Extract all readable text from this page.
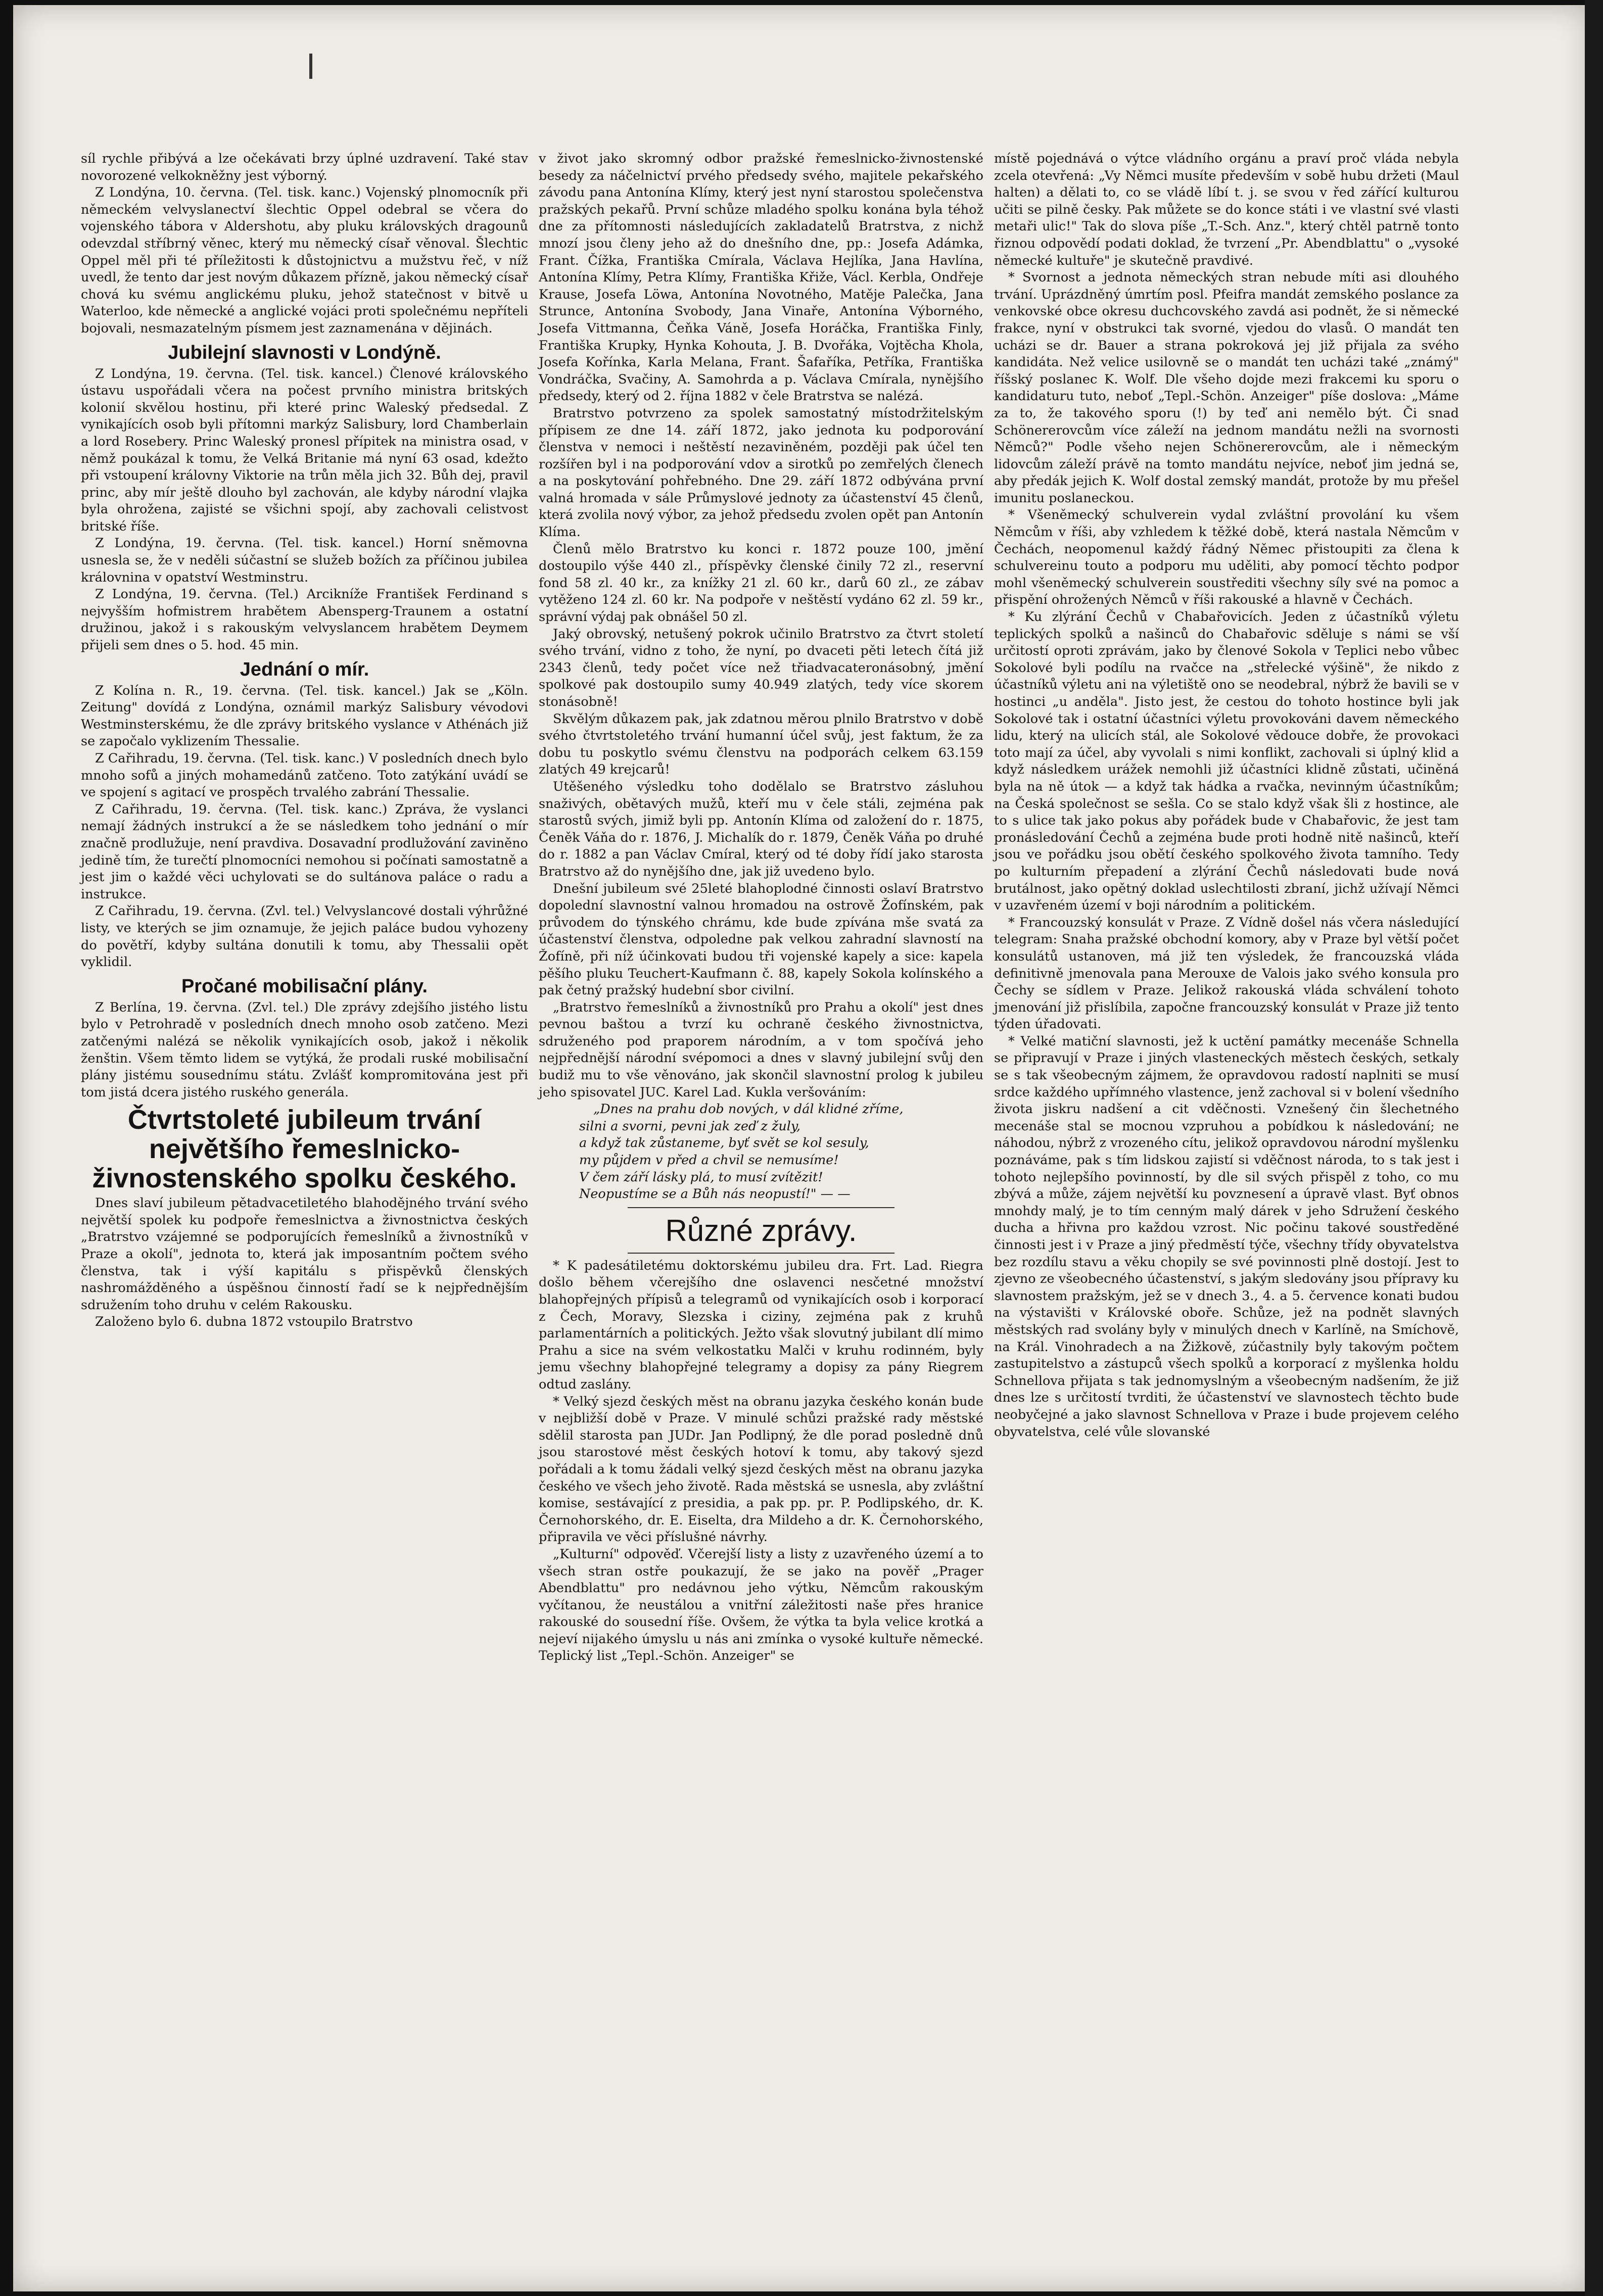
síl rychle přibývá a lze očekávati brzy úplné uzdravení. Také stav novorozené velkokněžny jest výborný.

Z Londýna, 10. června. (Tel. tisk. kanc.) Vojenský plnomocník při německém velvyslanectví šlechtic Oppel odebral se včera do vojenského tábora v Aldershotu, aby pluku královských dragounů odevzdal stříbrný věnec, který mu německý císař věnoval. Šlechtic Oppel měl při té příležitosti k důstojnictvu a mužstvu řeč, v níž uvedl, že tento dar jest novým důkazem přízně, jakou německý císař chová ku svému anglickému pluku, jehož statečnost v bitvě u Waterloo, kde německé a anglické vojáci proti společnému nepříteli bojovali, nesmazatelným písmem jest zaznamenána v dějinách.

Jubilejní slavnosti v Londýně.

Z Londýna, 19. června. (Tel. tisk. kancel.) Členové královského ústavu uspořádali včera na počest prvního ministra britských kolonií skvělou hostinu, při které princ Waleský předsedal. Z vynikajících osob byli přítomni markýz Salisbury, lord Chamberlain a lord Rosebery. Princ Waleský pronesl přípitek na ministra osad, v němž poukázal k tomu, že Velká Britanie má nyní 63 osad, kdežto při vstoupení královny Viktorie na trůn měla jich 32. Bůh dej, pravil princ, aby mír ještě dlouho byl zachován, ale kdyby národní vlajka byla ohrožena, zajisté se všichni spojí, aby zachovali celistvost britské říše.

Z Londýna, 19. června. (Tel. tisk. kancel.) Horní sněmovna usnesla se, že v neděli súčastní se služeb božích za příčinou jubilea královnina v opatství Westminstru.

Z Londýna, 19. června. (Tel.) Arcikníže František Ferdinand s nejvyšším hofmistrem hrabětem Abensperg-Traunem a ostatní družinou, jakož i s rakouským velvyslancem hrabětem Deymem přijeli sem dnes o 5. hod. 45 min.

Jednání o mír.

Z Kolína n. R., 19. června. (Tel. tisk. kancel.) Jak se „Köln. Zeitung" dovídá z Londýna, oznámil markýz Salisbury vévodovi Westminsterskému, že dle zprávy britského vyslance v Athénách již se započalo vyklizením Thessalie.

Z Cařihradu, 19. června. (Tel. tisk. kanc.) V posledních dnech bylo mnoho sofů a jiných mohamedánů zatčeno. Toto zatýkání uvádí se ve spojení s agitací ve prospěch trvalého zabrání Thessalie.

Z Cařihradu, 19. června. (Tel. tisk. kanc.) Zpráva, že vyslanci nemají žádných instrukcí a že se následkem toho jednání o mír značně prodlužuje, není pravdiva. Dosavadní prodlužování zaviněno jedině tím, že turečtí plnomocníci nemohou si počínati samostatně a jest jim o každé věci uchylovati se do sultánova paláce o radu a instrukce.

Z Cařihradu, 19. června. (Zvl. tel.) Velvyslancové dostali výhrůžné listy, ve kterých se jim oznamuje, že jejich paláce budou vyhozeny do povětří, kdyby sultána donutili k tomu, aby Thessalii opět vyklidil.

Pročané mobilisační plány.

Z Berlína, 19. června. (Zvl. tel.) Dle zprávy zdejšího jistého listu bylo v Petrohradě v posledních dnech mnoho osob zatčeno. Mezi zatčenými nalézá se několik vynikajících osob, jakož i několik ženštin. Všem těmto lidem se vytýká, že prodali ruské mobilisační plány jistému sousednímu státu. Zvlášť kompromitována jest při tom jistá dcera jistého ruského generála.

Čtvrtstoleté jubileum trvání největšího řemeslnicko-živnostenského spolku českého.

Dnes slaví jubileum pětadvacetiletého blahodějného trvání svého největší spolek ku podpoře řemeslnictva a živnostnictva českých „Bratrstvo vzájemné se podporujících řemeslníků a živnostníků v Praze a okolí", jednota to, která jak imposantním počtem svého členstva, tak i výší kapitálu s přispěvků členských nashromážděného a úspěšnou činností řadí se k nejpřednějším sdružením toho druhu v celém Rakousku.

Založeno bylo 6. dubna 1872 vstoupilo Bratrstvo

v život jako skromný odbor pražské řemeslnicko-živnostenské besedy za náčelnictví prvého předsedy svého, majitele pekařského závodu pana Antonína Klímy, který jest nyní starostou společenstva pražských pekařů. První schůze mladého spolku konána byla téhož dne za přítomnosti následujících zakladatelů Bratrstva, z nichž mnozí jsou členy jeho až do dnešního dne, pp.: Josefa Adámka, Frant. Čížka, Františka Cmírala, Václava Hejlíka, Jana Havlína, Antonína Klímy, Petra Klímy, Františka Křiže, Václ. Kerbla, Ondřeje Krause, Josefa Löwa, Antonína Novotného, Matěje Palečka, Jana Strunce, Antonína Svobody, Jana Vinaře, Antonína Výborného, Josefa Vittmanna, Čeňka Váně, Josefa Horáčka, Františka Finly, Františka Krupky, Hynka Kohouta, J. B. Dvořáka, Vojtěcha Khola, Josefa Kořínka, Karla Melana, Frant. Šafaříka, Petříka, Františka Vondráčka, Svačiny, A. Samohrda a p. Václava Cmírala, nynějšího předsedy, který od 2. října 1882 v čele Bratrstva se nalézá.

Bratrstvo potvrzeno za spolek samostatný místodržitelským přípisem ze dne 14. září 1872, jako jednota ku podporování členstva v nemoci i neštěstí nezaviněném, později pak účel ten rozšířen byl i na podporování vdov a sirotků po zemřelých členech a na poskytování pohřebného. Dne 29. září 1872 odbývána první valná hromada v sále Průmyslové jednoty za účastenství 45 členů, která zvolila nový výbor, za jehož předsedu zvolen opět pan Antonín Klíma.

Členů mělo Bratrstvo ku konci r. 1872 pouze 100, jmění dostoupilo výše 440 zl., příspěvky členské činily 72 zl., reservní fond 58 zl. 40 kr., za knížky 21 zl. 60 kr., darů 60 zl., ze zábav vytěženo 124 zl. 60 kr. Na podpoře v neštěstí vydáno 62 zl. 59 kr., správní výdaj pak obnášel 50 zl.

Jaký obrovský, netušený pokrok učinilo Bratrstvo za čtvrt století svého trvání, vidno z toho, že nyní, po dvaceti pěti letech čítá již 2343 členů, tedy počet více než třiadvacateronásobný, jmění spolkové pak dostoupilo sumy 40.949 zlatých, tedy více skorem stonásobně!

Skvělým důkazem pak, jak zdatnou měrou plnilo Bratrstvo v době svého čtvrtstoletého trvání humanní účel svůj, jest faktum, že za dobu tu poskytlo svému členstvu na podporách celkem 63.159 zlatých 49 krejcarů!

Utěšeného výsledku toho dodělalo se Bratrstvo zásluhou snaživých, obětavých mužů, kteří mu v čele stáli, zejména pak starostů svých, jimiž byli pp. Antonín Klíma od založení do r. 1875, Čeněk Váňa do r. 1876, J. Michalík do r. 1879, Čeněk Váňa po druhé do r. 1882 a pan Václav Cmíral, který od té doby řídí jako starosta Bratrstvo až do nynějšího dne, jak již uvedeno bylo.

Dnešní jubileum své 25leté blahoplodné činnosti oslaví Bratrstvo dopolední slavnostní valnou hromadou na ostrově Žofínském, pak průvodem do týnského chrámu, kde bude zpívána mše svatá za účastenství členstva, odpoledne pak velkou zahradní slavností na Žofíně, při níž účinkovati budou tři vojenské kapely a sice: kapela pěšího pluku Teuchert-Kaufmann č. 88, kapely Sokola kolínského a pak četný pražský hudební sbor civilní.

„Bratrstvo řemeslníků a živnostníků pro Prahu a okolí" jest dnes pevnou baštou a tvrzí ku ochraně českého živnostnictva, sdruženého pod praporem národním, a v tom spočívá jeho nejpřednější národní svépomoci a dnes v slavný jubilejní svůj den budiž mu to vše věnováno, jak skončil slavnostní prolog k jubileu jeho spisovatel JUC. Karel Lad. Kukla veršováním:

„Dnes na prahu dob nových, v dál klidné zříme,
silni a svorni, pevni jak zeď z žuly,
a když tak zůstaneme, byť svět se kol sesuly,
my půjdem v před a chvil se nemusíme!
V čem září lásky plá, to musí zvítězit!
Neopustíme se a Bůh nás neopustí!" — —

Různé zprávy.

* K padesátiletému doktorskému jubileu dra. Frt. Lad. Riegra došlo během včerejšího dne oslavenci nesčetné množství blahopřejných přípisů a telegramů od vynikajících osob i korporací z Čech, Moravy, Slezska i ciziny, zejména pak z kruhů parlamentárních a politických. Ježto však slovutný jubilant dlí mimo Prahu a sice na svém velkostatku Malči v kruhu rodinném, byly jemu všechny blahopřejné telegramy a dopisy za pány Riegrem odtud zaslány.

* Velký sjezd českých měst na obranu jazyka českého konán bude v nejbližší době v Praze. V minulé schůzi pražské rady městské sdělil starosta pan JUDr. Jan Podlipný, že dle porad posledně dnů jsou starostové měst českých hotoví k tomu, aby takový sjezd pořádali a k tomu žádali velký sjezd českých měst na obranu jazyka českého ve všech jeho životě. Rada městská se usnesla, aby zvláštní komise, sestávající z presidia, a pak pp. pr. P. Podlipského, dr. K. Černohorského, dr. E. Eiselta, dra Mildeho a dr. K. Černohorského, připravila ve věci příslušné návrhy.

„Kulturní" odpověď. Včerejší listy a listy z uzavřeného území a to všech stran ostře poukazují, že se jako na pověř „Prager Abendblattu" pro nedávnou jeho výtku, Němcům rakouským vyčítanou, že neustálou a vnitřní záležitosti naše přes hranice rakouské do sousední říše. Ovšem, že výtka ta byla velice krotká a nejeví nijakého úmyslu u nás ani zmínka o vysoké kultuře německé. Teplický list „Tepl.-Schön. Anzeiger" se

místě pojednává o výtce vládního orgánu a praví proč vláda nebyla zcela otevřená: „Vy Němci musíte především v sobě hubu držeti (Maul halten) a dělati to, co se vládě líbí t. j. se svou v řed zářící kulturou učiti se pilně česky. Pak můžete se do konce státi i ve vlastní své vlasti metaři ulic!" Tak do slova píše „T.-Sch. Anz.", který chtěl patrně tonto řiznou odpovědí podati doklad, že tvrzení „Pr. Abendblattu" o „vysoké německé kultuře" je skutečně pravdivé.

* Svornost a jednota německých stran nebude míti asi dlouhého trvání. Uprázdněný úmrtím posl. Pfeifra mandát zemského poslance za venkovské obce okresu duchcovského zavdá asi podnět, že si německé frakce, nyní v obstrukci tak svorné, vjedou do vlasů. O mandát ten ucházi se dr. Bauer a strana pokroková jej již přijala za svého kandidáta. Než velice usilovně se o mandát ten ucházi také „známý" říšský poslanec K. Wolf. Dle všeho dojde mezi frakcemi ku sporu o kandidaturu tuto, neboť „Tepl.-Schön. Anzeiger" píše doslova: „Máme za to, že takového sporu (!) by teď ani nemělo být. Či snad Schönererovcům více záleží na jednom mandátu nežli na svornosti Němců?" Podle všeho nejen Schönererovcům, ale i německým lidovcům záleží právě na tomto mandátu nejvíce, neboť jim jedná se, aby předák jejich K. Wolf dostal zemský mandát, protože by mu přešel imunitu poslaneckou.

* Všeněmecký schulverein vydal zvláštní provolání ku všem Němcům v říši, aby vzhledem k těžké době, která nastala Němcům v Čechách, neopomenul každý řádný Němec přistoupiti za člena k schulvereinu touto a podporu mu uděliti, aby pomocí těchto podpor mohl všeněmecký schulverein soustřediti všechny síly své na pomoc a přispění ohrožených Němců v říši rakouské a hlavně v Čechách.

* Ku zlýrání Čechů v Chabařovicích. Jeden z účastníků výletu teplických spolků a našinců do Chabařovic sděluje s námi se vší určitostí oproti zprávám, jako by členové Sokola v Teplici nebo vůbec Sokolové byli podílu na rvačce na „střelecké výšině", že nikdo z účastníků výletu ani na výletiště ono se neodebral, nýbrž že bavili se v hostinci „u anděla". Jisto jest, že cestou do tohoto hostince byli jak Sokolové tak i ostatní účastníci výletu provokováni davem německého lidu, který na ulicích stál, ale Sokolové vědouce dobře, že provokaci toto mají za účel, aby vyvolali s nimi konflikt, zachovali si úplný klid a když následkem urážek nemohli již účastníci klidně zůstati, učiněná byla na ně útok — a když tak hádka a rvačka, nevinným účastníkům; na Česká společnost se sešla. Co se stalo když však šli z hostince, ale to s ulice tak jako pokus aby pořádek bude v Chabařovic, že jest tam pronásledování Čechů a zejména bude proti hodně nitě našinců, kteří jsou ve pořádku jsou obětí českého spolkového života tamního. Tedy po kulturním přepadení a zlýrání Čechů následovati bude nová brutálnost, jako opětný doklad uslechtilosti zbraní, jichž užívají Němci v uzavřeném území v boji národním a politickém.

* Francouzský konsulát v Praze. Z Vídně došel nás včera následující telegram: Snaha pražské obchodní komory, aby v Praze byl větší počet konsulátů ustanoven, má již ten výsledek, že francouzská vláda definitivně jmenovala pana Merouxe de Valois jako svého konsula pro Čechy se sídlem v Praze. Jelikož rakouská vláda schválení tohoto jmenování již přislíbila, započne francouzský konsulát v Praze již tento týden úřadovati.

* Velké matiční slavnosti, jež k uctění památky mecenáše Schnella se připravují v Praze i jiných vlasteneckých městech českých, setkaly se s tak všeobecným zájmem, že opravdovou radostí naplniti se musí srdce každého upřímného vlastence, jenž zachoval si v bolení všedního života jiskru nadšení a cit vděčnosti. Vznešený čin šlechetného mecenáše stal se mocnou vzpruhou a pobídkou k následování; ne náhodou, nýbrž z vrozeného cítu, jelikož opravdovou národní myšlenku poznáváme, pak s tím lidskou zajistí si vděčnost národa, to s tak jest i tohoto nejlepšího povinností, by dle sil svých přispěl z toho, co mu zbývá a může, zájem největší ku povznesení a úpravě vlast. Byť obnos mnohdy malý, je to tím cenným malý dárek v jeho Sdružení českého ducha a hřivna pro každou vzrost. Nic počinu takové soustředěné činnosti jest i v Praze a jiný předměstí týče, všechny třídy obyvatelstva bez rozdílu stavu a věku chopily se své povinnosti plně dostojí. Jest to zjevno ze všeobecného účastenství, s jakým sledovány jsou přípravy ku slavnostem pražským, jež se v dnech 3., 4. a 5. července konati budou na výstavišti v Královské oboře. Schůze, jež na podnět slavných městských rad svolány byly v minulých dnech v Karlíně, na Smíchově, na Král. Vinohradech a na Žižkově, zúčastnily byly takovým počtem zastupitelstvo a zástupců všech spolků a korporací z myšlenka holdu Schnellova přijata s tak jednomyslným a všeobecným nadšením, že již dnes lze s určitostí tvrditi, že účastenství ve slavnostech těchto bude neobyčejné a jako slavnost Schnellova v Praze i bude projevem celého obyvatelstva, celé vůle slovanské
